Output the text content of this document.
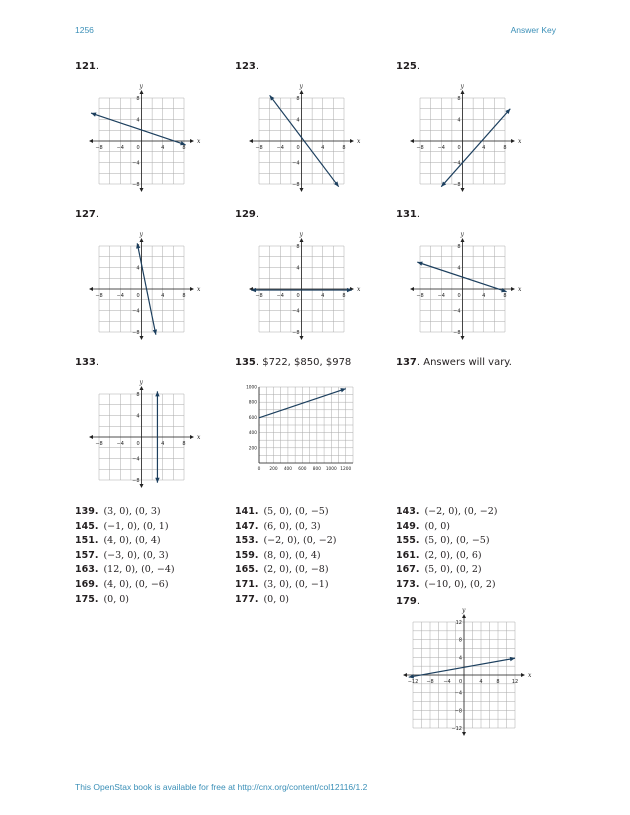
1256	Answer Key
121.	123.	125.
127.	129.	131.
133.	135. $722, $850, $978	137. Answers will vary.
179.
x
y
0
−8	−4	4	8
8
4
−4
−8
x
y
0
−8	−4	4	8
8
4
−4
−8
x
y
0
−8	−4	4	8
8
4
−4
−8
x
y
0
−8	−4	4	8
4
−4
−8
x
y
0
−8	−4	4	8
8
4
−4
−8
x
y
0
−8	−4	4	8
8
4
−4
−8
x
y
0
−8	−4	4	8
8
4
−4
−8
x
y
0
−12 −8 −4	4	8 12
12
8
4
−4
−8
−12
200
400
600
800
1000
0 200 400 600 800 1000 1200
139. (3, 0), (0, 3)
145. (−1, 0), (0, 1)
151. (4, 0), (0, 4)
157. (−3, 0), (0, 3)
163. (12, 0), (0, −4)
169. (4, 0), (0, −6)
175. (0, 0)
141. (5, 0), (0, −5)
147. (6, 0), (0, 3)
153. (−2, 0), (0, −2)
159. (8, 0), (0, 4)
165. (2, 0), (0, −8)
171. (3, 0), (0, −1)
177. (0, 0)
143. (−2, 0), (0, −2)
149. (0, 0)
155. (5, 0), (0, −5)
161. (2, 0), (0, 6)
167. (5, 0), (0, 2)
173. (−10, 0), (0, 2)
This OpenStax book is available for free at http://cnx.org/content/col12116/1.2
